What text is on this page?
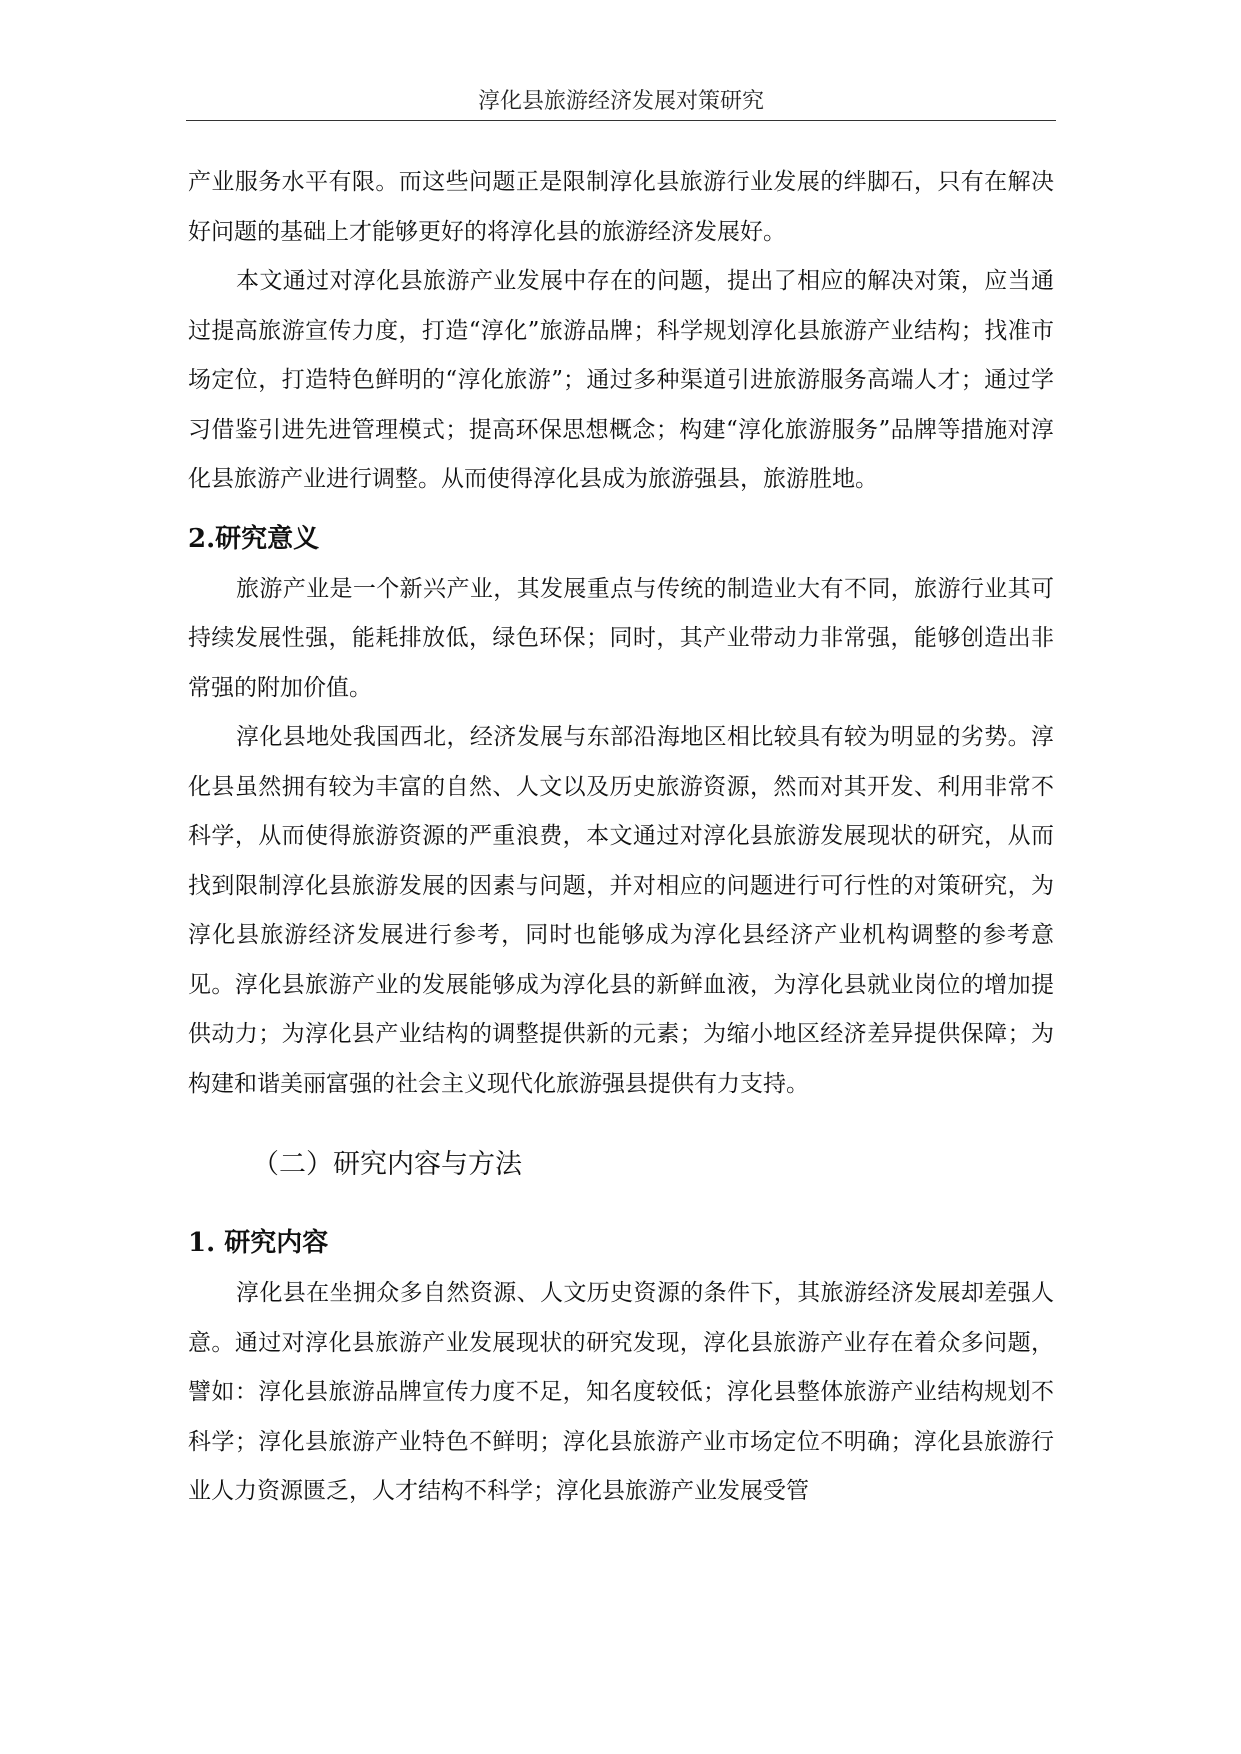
淳化县旅游经济发展对策研究

产业服务水平有限。而这些问题正是限制淳化县旅游行业发展的绊脚石，只有在解决好问题的基础上才能够更好的将淳化县的旅游经济发展好。

本文通过对淳化县旅游产业发展中存在的问题，提出了相应的解决对策，应当通过提高旅游宣传力度，打造“淳化”旅游品牌；科学规划淳化县旅游产业结构；找准市场定位，打造特色鲜明的“淳化旅游”；通过多种渠道引进旅游服务高端人才；通过学习借鉴引进先进管理模式；提高环保思想概念；构建“淳化旅游服务”品牌等措施对淳化县旅游产业进行调整。从而使得淳化县成为旅游强县，旅游胜地。

2.研究意义

旅游产业是一个新兴产业，其发展重点与传统的制造业大有不同，旅游行业其可持续发展性强，能耗排放低，绿色环保；同时，其产业带动力非常强，能够创造出非常强的附加价值。

淳化县地处我国西北，经济发展与东部沿海地区相比较具有较为明显的劣势。淳化县虽然拥有较为丰富的自然、人文以及历史旅游资源，然而对其开发、利用非常不科学，从而使得旅游资源的严重浪费，本文通过对淳化县旅游发展现状的研究，从而找到限制淳化县旅游发展的因素与问题，并对相应的问题进行可行性的对策研究，为淳化县旅游经济发展进行参考，同时也能够成为淳化县经济产业机构调整的参考意见。淳化县旅游产业的发展能够成为淳化县的新鲜血液，为淳化县就业岗位的增加提供动力；为淳化县产业结构的调整提供新的元素；为缩小地区经济差异提供保障；为构建和谐美丽富强的社会主义现代化旅游强县提供有力支持。

（二）研究内容与方法
1. 研究内容

淳化县在坐拥众多自然资源、人文历史资源的条件下，其旅游经济发展却差强人意。通过对淳化县旅游产业发展现状的研究发现，淳化县旅游产业存在着众多问题，譬如：淳化县旅游品牌宣传力度不足，知名度较低；淳化县整体旅游产业结构规划不科学；淳化县旅游产业特色不鲜明；淳化县旅游产业市场定位不明确；淳化县旅游行业人力资源匮乏，人才结构不科学；淳化县旅游产业发展受管
